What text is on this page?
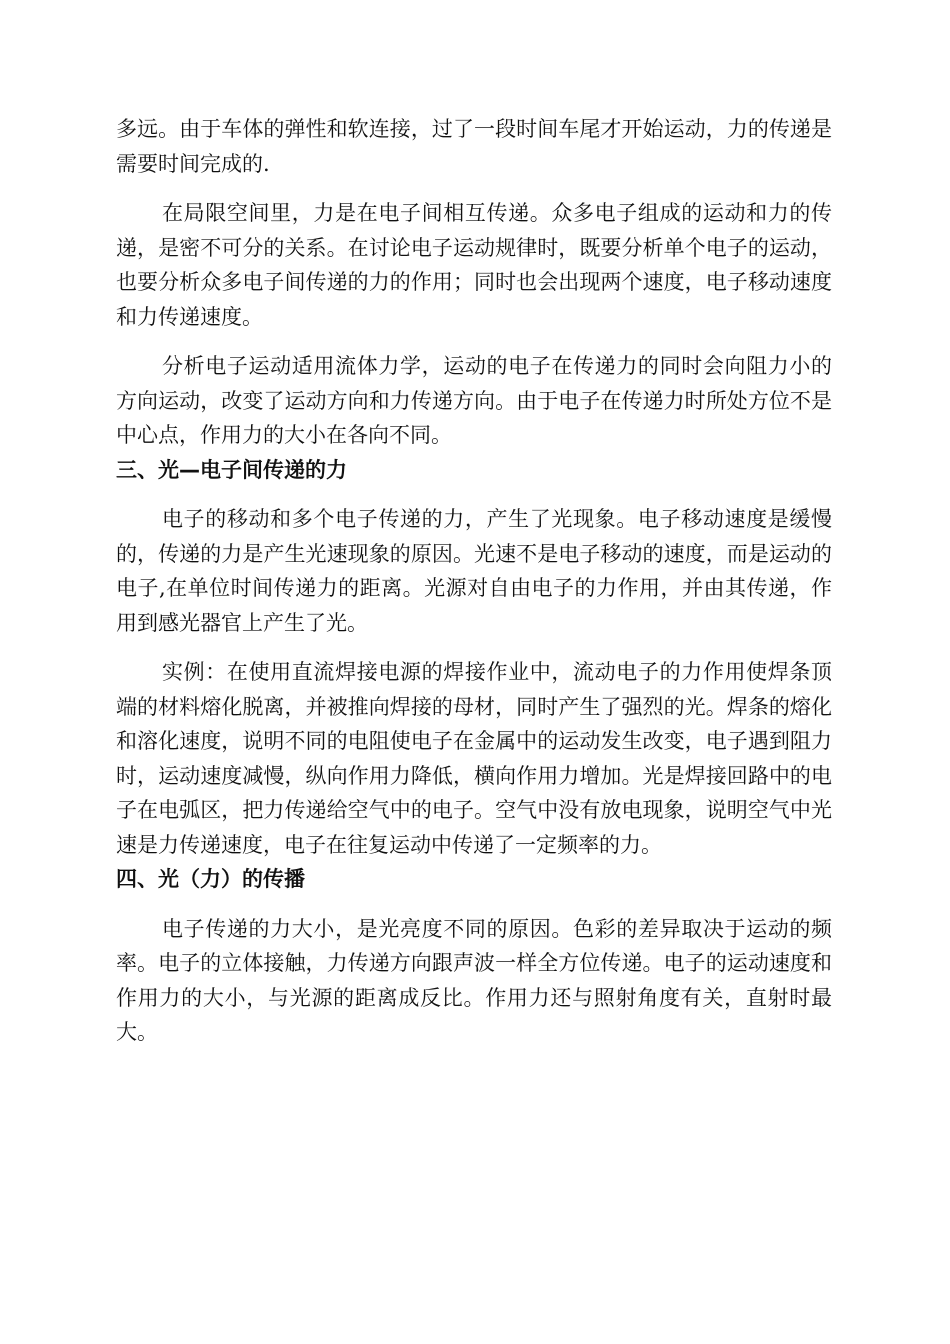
多远。由于车体的弹性和软连接，过了一段时间车尾才开始运动，力的传递是需要时间完成的.

在局限空间里，力是在电子间相互传递。众多电子组成的运动和力的传递，是密不可分的关系。在讨论电子运动规律时，既要分析单个电子的运动，也要分析众多电子间传递的力的作用；同时也会出现两个速度，电子移动速度和力传递速度。

分析电子运动适用流体力学，运动的电子在传递力的同时会向阻力小的方向运动，改变了运动方向和力传递方向。由于电子在传递力时所处方位不是中心点，作用力的大小在各向不同。

三、光—电子间传递的力

电子的移动和多个电子传递的力，产生了光现象。电子移动速度是缓慢的，传递的力是产生光速现象的原因。光速不是电子移动的速度，而是运动的电子,在单位时间传递力的距离。光源对自由电子的力作用，并由其传递，作用到感光器官上产生了光。

实例：在使用直流焊接电源的焊接作业中，流动电子的力作用使焊条顶端的材料熔化脱离，并被推向焊接的母材，同时产生了强烈的光。焊条的熔化和溶化速度，说明不同的电阻使电子在金属中的运动发生改变，电子遇到阻力时，运动速度减慢，纵向作用力降低，横向作用力增加。光是焊接回路中的电子在电弧区，把力传递给空气中的电子。空气中没有放电现象，说明空气中光速是力传递速度，电子在往复运动中传递了一定频率的力。

四、光（力）的传播

电子传递的力大小，是光亮度不同的原因。色彩的差异取决于运动的频率。电子的立体接触，力传递方向跟声波一样全方位传递。电子的运动速度和作用力的大小，与光源的距离成反比。作用力还与照射角度有关，直射时最大。
